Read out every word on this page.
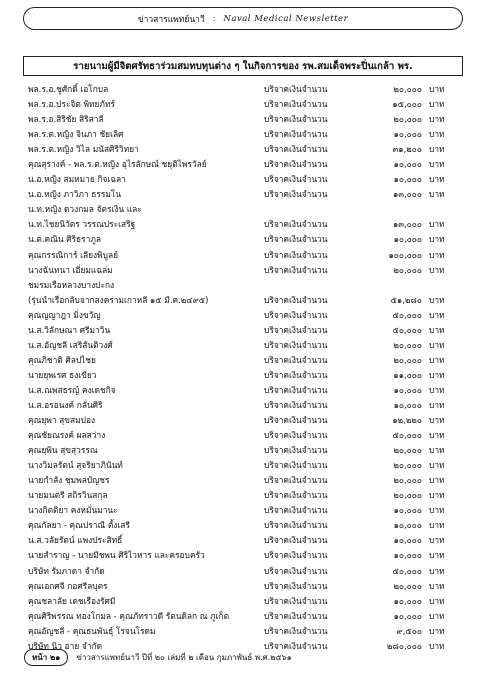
ข่าวสารแพทย์นาวี : Naval Medical Newsletter
รายนามผู้มีจิตศรัทธาร่วมสมทบทุนต่าง ๆ ในกิจการของ รพ.สมเด็จพระปิ่นเกล้า พร.
พล.ร.อ.ชูศักดิ์ เอโกบล	บริจาคเงินจำนวน	๒๐,๐๐๐ บาท
พล.ร.อ.ประจิต พิทยภัทร์	บริจาคเงินจำนวน	๑๕,๐๐๐ บาท
พล.ร.อ.สิริชัย สิริสาลี	บริจาคเงินจำนวน	๒๐,๐๐๐ บาท
พล.ร.ต.หญิง จินภา ชัยเลิศ	บริจาคเงินจำนวน	๑๐,๐๐๐ บาท
พล.ร.ต.หญิง วิไล มนัสศิริวิทยา	บริจาคเงินจำนวน	๓๑,๒๐๐ บาท
คุณสุรางค์ - พล.ร.ต.หญิง อุไรลักษณ์ ชยุติไพรวัลย์	บริจาคเงินจำนวน	๑๐,๐๐๐ บาท
น.อ.หญิง สมหมาย กิจเฉลา	บริจาคเงินจำนวน	๑๐,๐๐๐ บาท
น.อ.หญิง ภาวิภา ธรรมโน	บริจาคเงินจำนวน	๑๓,๐๐๐ บาท
น.ท.หญิง ดวงกมล จัตรเงิน และ
น.ท.ไชยนิวัตร วรรณประเสริฐ	บริจาคเงินจำนวน	๑๓,๐๐๐ บาท
น.ต.คณิน ศิริธราภูล	บริจาคเงินจำนวน	๑๐,๐๐๐ บาท
คุณกรรณิการ์ เลียงพิบูลย์	บริจาคเงินจำนวน	๑๐๐,๐๐๐ บาท
นางฉันทนา เอี่ยมแฉล่ม	บริจาคเงินจำนวน	๒๐,๐๐๐ บาท
ชมรมเรือหลวงบางปะกง
(รุ่นนำเรือกลับจากสงครามเกาหลี ๑๕ มี.ค.๒๔๙๕)	บริจาคเงินจำนวน	๕๑,๒๘๐ บาท
คุณญญาฎา มิ่งขวัญ	บริจาคเงินจำนวน	๕๐,๐๐๐ บาท
น.ส.วิลักษณา ศรีมาวิน	บริจาคเงินจำนวน	๕๐,๐๐๐ บาท
น.ส.อัญชลี เสริสันติวงศ์	บริจาคเงินจำนวน	๒๐,๐๐๐ บาท
คุณภิชาติ ศิลปไชย	บริจาคเงินจำนวน	๒๐,๐๐๐ บาท
นายยุพเรศ ธงเขียว	บริจาคเงินจำนวน	๑๑,๐๐๐ บาท
น.ส.ณพสธรญ์ คงเดชกิจ	บริจาคเงินจำนวน	๑๐,๐๐๐ บาท
น.ส.อรอนงค์ กลั่นศิริ	บริจาคเงินจำนวน	๑๐,๐๐๐ บาท
คุณยุพา สุขสมปอง	บริจาคเงินจำนวน	๑๒,๒๒๐ บาท
คุณชัยณรงค์ ผลสว่าง	บริจาคเงินจำนวน	๕๐,๐๐๐ บาท
คุณยุพิน สุขสุวรรณ	บริจาคเงินจำนวน	๒๐,๐๐๐ บาท
นางวิมลรัตน์ สุจริยาภินันท์	บริจาคเงินจำนวน	๒๐,๐๐๐ บาท
นายกำลัง ชุมพลบัญชร	บริจาคเงินจำนวน	๒๐,๐๐๐ บาท
นายมนตรี สถิรวินสกุล	บริจาคเงินจำนวน	๒๐,๐๐๐ บาท
นางกิตติยา คงหมั่นมานะ	บริจาคเงินจำนวน	๑๐,๐๐๐ บาท
คุณกัลยา - คุณปราณี ตั้งเสรี	บริจาคเงินจำนวน	๑๐,๐๐๐ บาท
น.ส.วลัยรัตน์ แพงประสิทธิ์	บริจาคเงินจำนวน	๑๐,๐๐๐ บาท
นายสำราญ - นายมีชพน ศิริไวหาร และครอบครัว	บริจาคเงินจำนวน	๑๐,๐๐๐ บาท
บริษัท รัมภาดา จำกัด	บริจาคเงินจำนวน	๕๐,๐๐๐ บาท
คุณเอกศจี กอศรีลบุตร	บริจาคเงินจำนวน	๒๐,๐๐๐ บาท
คุณชลาลัย เดชเรืองรัศมี	บริจาคเงินจำนวน	๑๐,๐๐๐ บาท
คุณศิริพรรณ ทองโกมล - คุณภัทราวดี รัตนดิลก ณ ภูเก็ต	บริจาคเงินจำนวน	๑๐,๐๐๐ บาท
คุณอัญชลี - คุณธนพันธุ์ โรจนโรดม	บริจาคเงินจำนวน	๙,๕๐๐ บาท
บริษัท นิว อาย จำกัด	บริจาคเงินจำนวน	๒๘๐,๐๐๐ บาท
หน้า ๒๑	ข่าวสารแพทย์นาวี ปีที่ ๒๐ เล่มที่ ๒ เดือน กุมภาพันธ์ พ.ศ.๒๕๖๑
